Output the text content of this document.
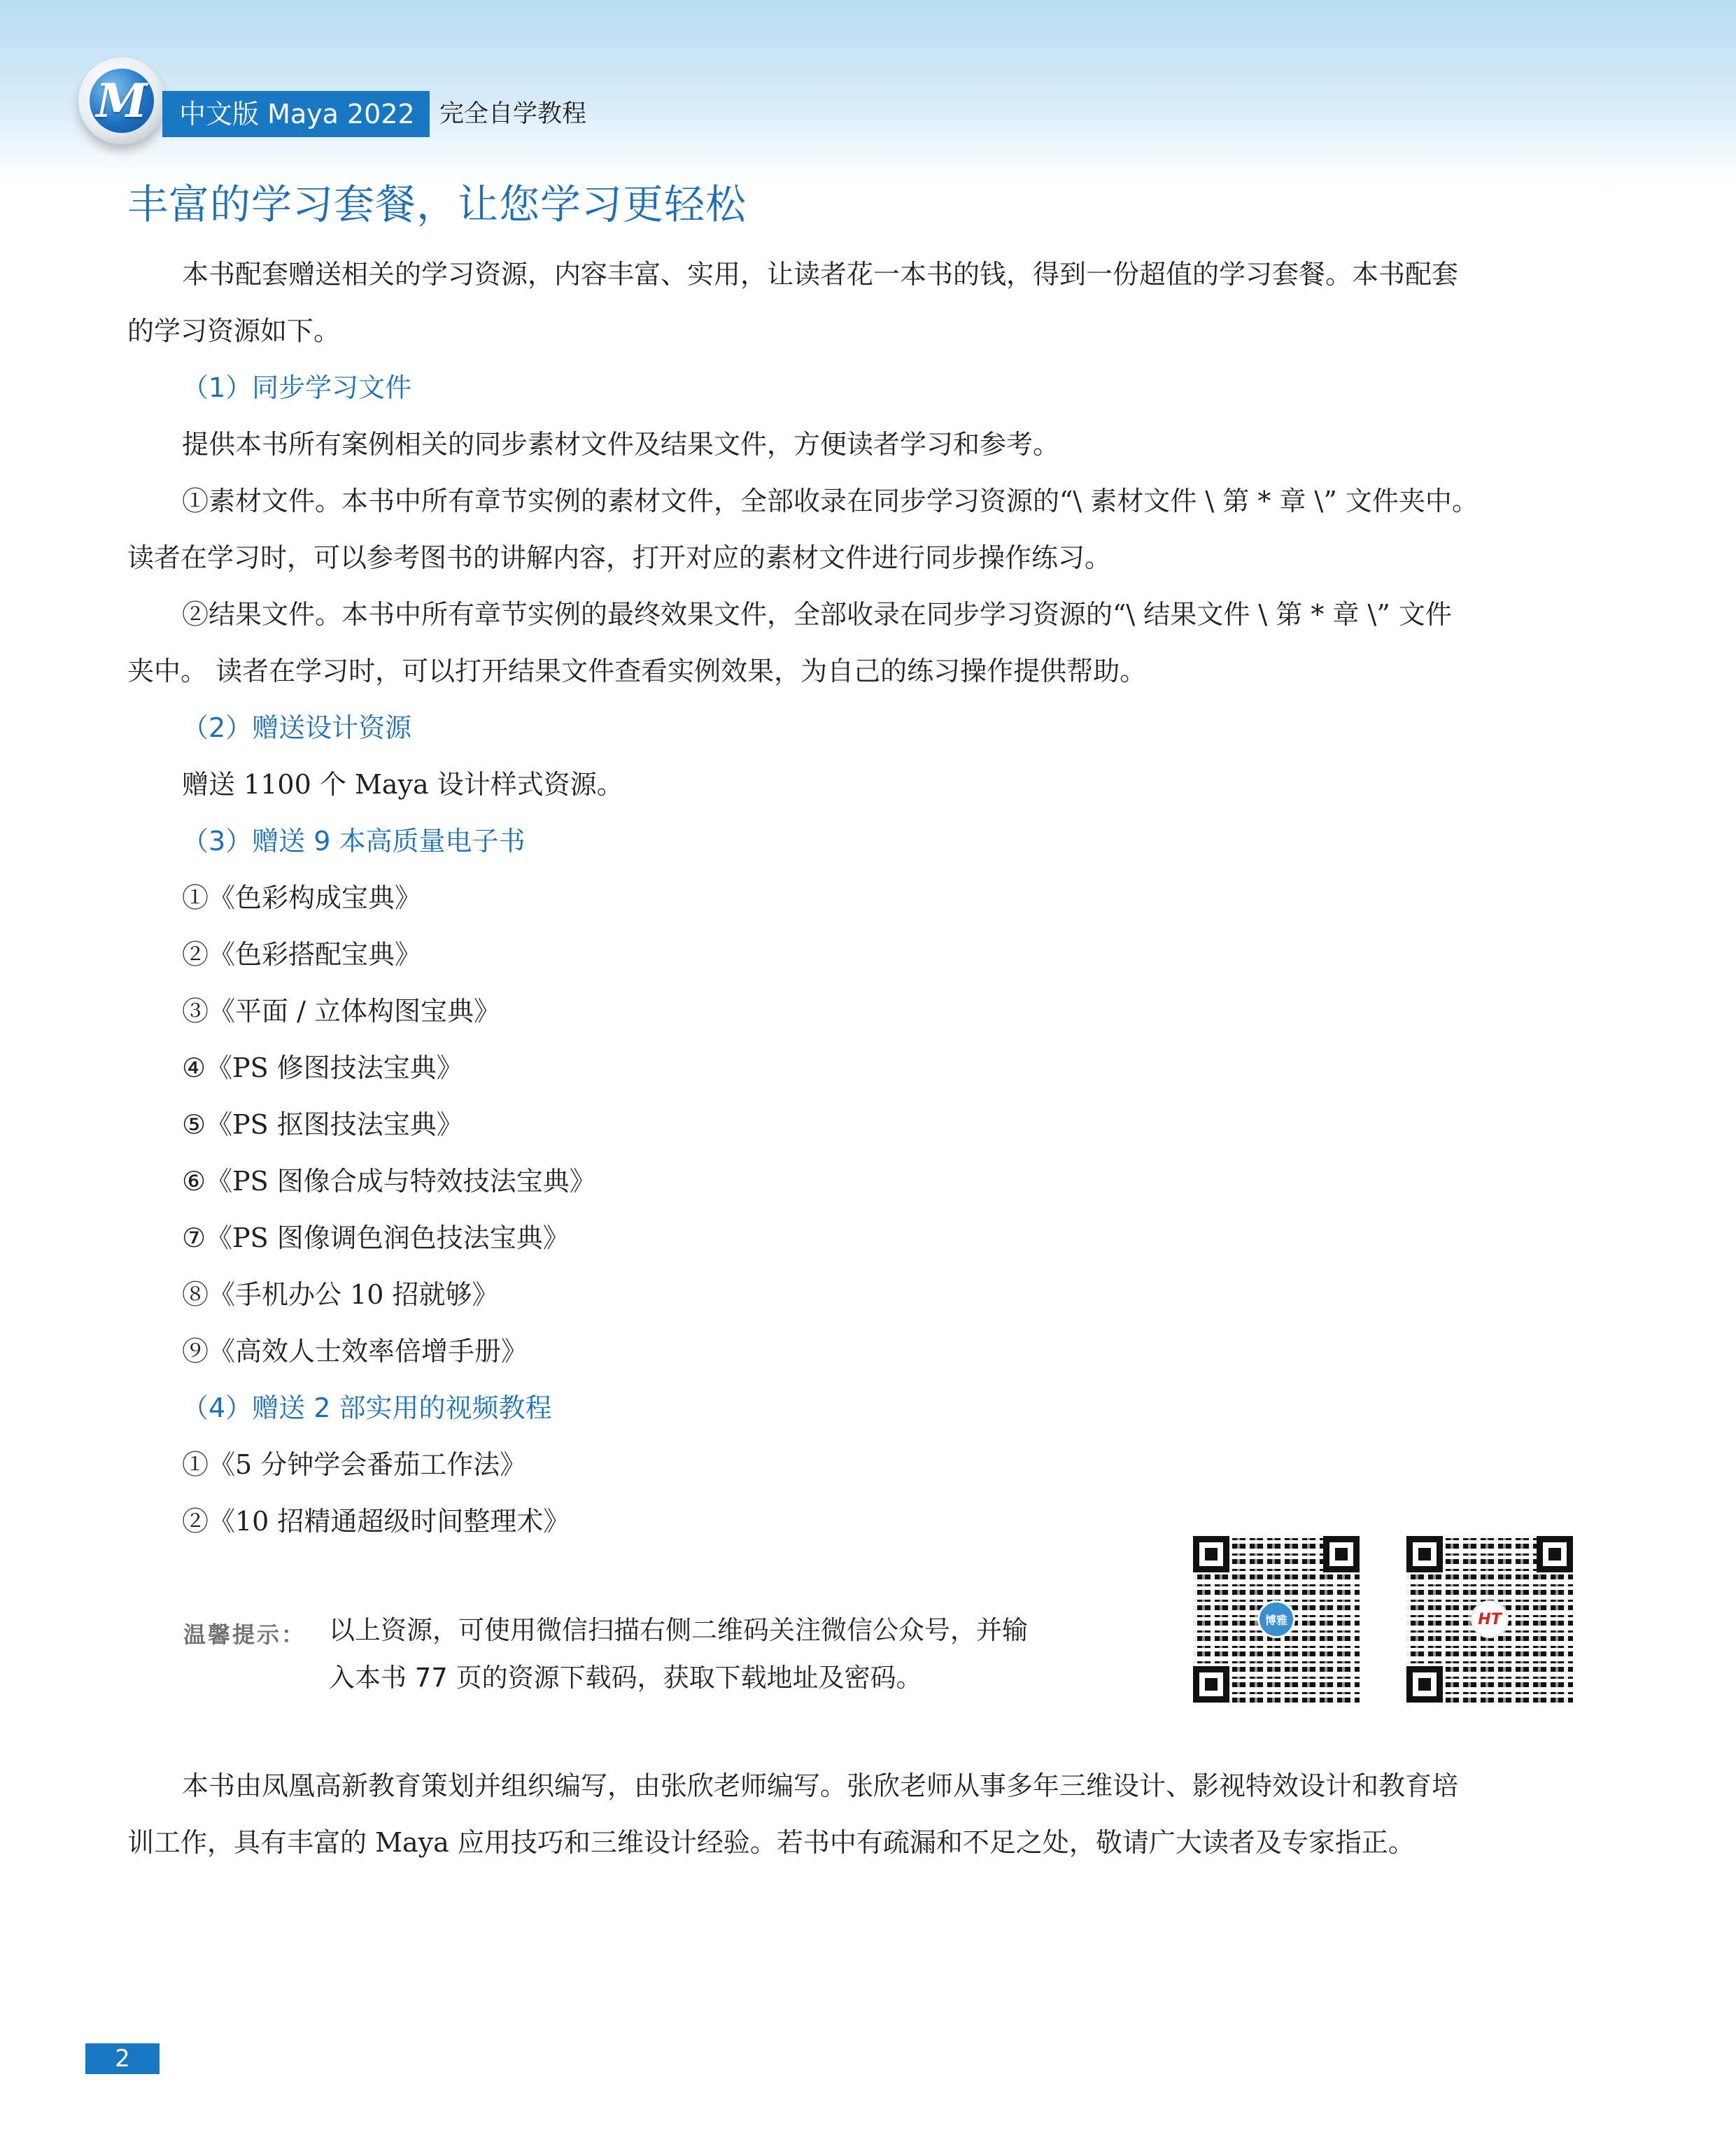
M	中文版 Maya 2022	完全自学教程
丰富的学习套餐，让您学习更轻松

本书配套赠送相关的学习资源，内容丰富、实用，让读者花一本书的钱，得到一份超值的学习套餐。本书配套

的学习资源如下。

（1）同步学习文件

提供本书所有案例相关的同步素材文件及结果文件，方便读者学习和参考。

①素材文件。本书中所有章节实例的素材文件，全部收录在同步学习资源的“\ 素材文件 \ 第 * 章 \” 文件夹中。

读者在学习时，可以参考图书的讲解内容，打开对应的素材文件进行同步操作练习。

②结果文件。本书中所有章节实例的最终效果文件，全部收录在同步学习资源的“\ 结果文件 \ 第 * 章 \” 文件

夹中。 读者在学习时，可以打开结果文件查看实例效果，为自己的练习操作提供帮助。

（2）赠送设计资源

赠送 1100 个 Maya 设计样式资源。

（3）赠送 9 本高质量电子书

①《色彩构成宝典》

②《色彩搭配宝典》

③《平面 / 立体构图宝典》

④《PS 修图技法宝典》

⑤《PS 抠图技法宝典》

⑥《PS 图像合成与特效技法宝典》

⑦《PS 图像调色润色技法宝典》

⑧《手机办公 10 招就够》

⑨《高效人士效率倍增手册》

（4）赠送 2 部实用的视频教程

①《5 分钟学会番茄工作法》

②《10 招精通超级时间整理术》

温馨提示： 以上资源，可使用微信扫描右侧二维码关注微信公众号，并输
入本书 77 页的资源下载码，获取下载地址及密码。
博雅	HT

本书由凤凰高新教育策划并组织编写，由张欣老师编写。张欣老师从事多年三维设计、影视特效设计和教育培

训工作，具有丰富的 Maya 应用技巧和三维设计经验。若书中有疏漏和不足之处，敬请广大读者及专家指正。

2
